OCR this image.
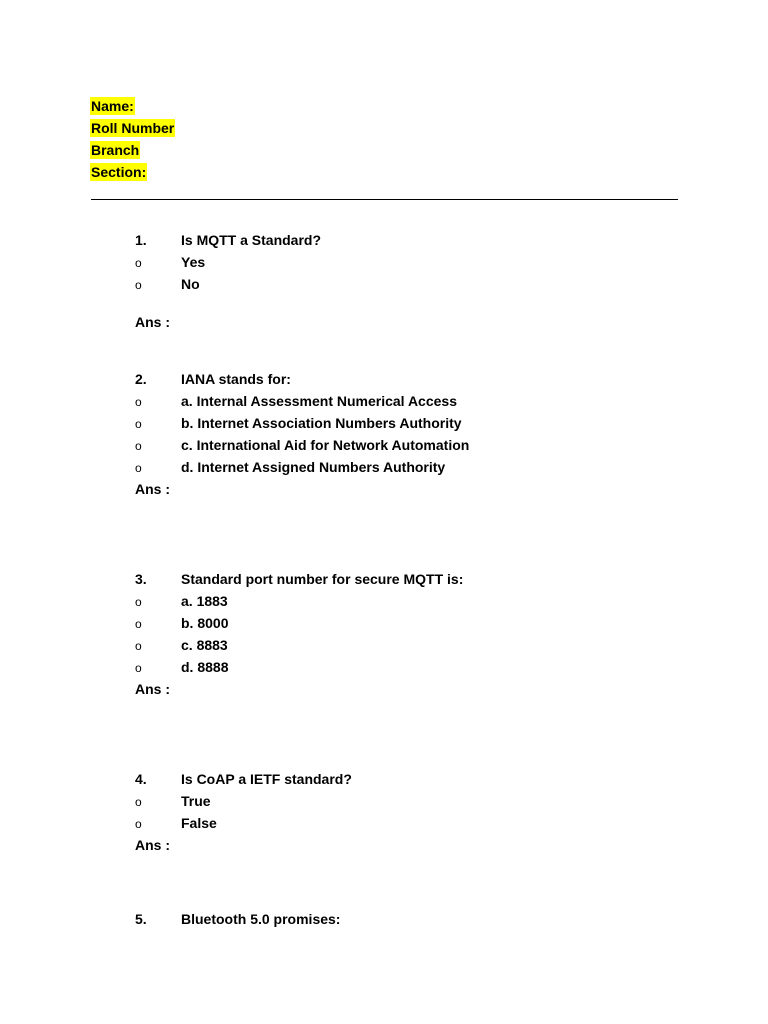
Name:
Roll Number
Branch
Section:
1. Is MQTT a Standard?
o	Yes
o	No
Ans :
2. IANA stands for:
o	a. Internal Assessment Numerical Access
o	b. Internet Association Numbers Authority
o	c. International Aid for Network Automation
o	d. Internet Assigned Numbers Authority
Ans :
3. Standard port number for secure MQTT is:
o	a. 1883
o	b. 8000
o	c. 8883
o	d. 8888
Ans :
4. Is CoAP a IETF standard?
o	True
o	False
Ans :
5. Bluetooth 5.0 promises:
